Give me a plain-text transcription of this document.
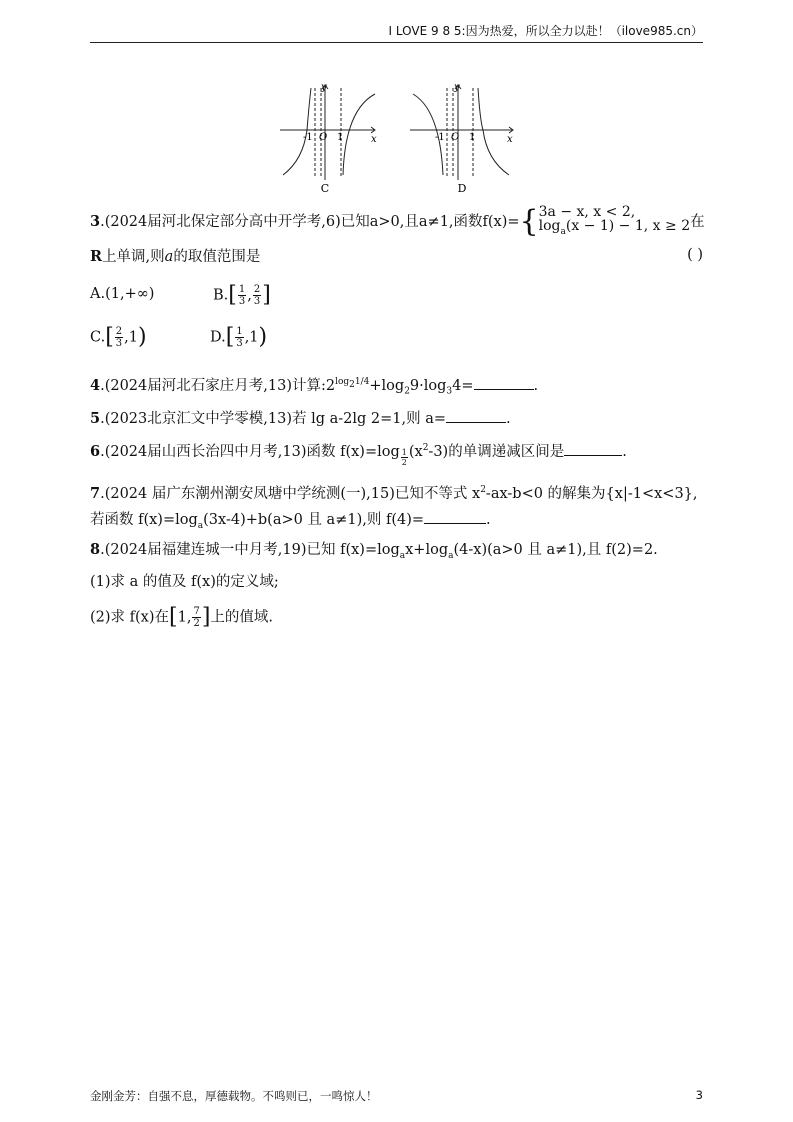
I LOVE 9 8 5:因为热爱，所以全力以赴！（ilove985.cn）
y
x
-1 O 1
C
y
x
-1 O 1
D
3.(2024届河北保定部分高中开学考,6)已知a>0,且a≠1,函数f(x)={ 3a − x, x < 2,
$\log_a(x - 1) - 1$, x ≥ 2 在
R上单调,则a的取值范围是	( )
A.(1,+∞)	$B.[ \frac{1}{3}$ , $\frac{2}{3}$ ]
$C.[ \frac{2}{3} ,1)$	$D.[ \frac{1}{3} ,1)$
4.(2024届河北石家庄月考,13)计算$:2^{log_21/4}+\log_29\cdot\log_34=$	.
5.(2023北京汇文中学零模,13)若 lg a-2lg 2=1,则 a=	.
6.(2024届山西长治四中月考,13)函数 f(x)=log $_{\frac{1}{2}}$ $(x^2-3)$的单调递减区间是	.
7.(2024 届广东潮州潮安凤塘中学统测(一),15)已知不等式 $x^2-ax-b<0$ 的解集为{x|-1<x<3},
若函数 $f(x)=\log_a(3x-4)+b(a>0$ 且 a≠1),则 f(4)=	.
8.(2024届福建连城一中月考,19)已知 $f(x)=\log_ax+\log_a(4-x)(a>0$ 且 a≠1),且 f(2)=2.
(1)求 a 的值及 f(x)的定义域;
(2)求 f(x)在[1, $\frac{7}{2}$ ]上的值域.
金刚金芳：自强不息，厚德载物。不鸣则已，一鸣惊人！	3
